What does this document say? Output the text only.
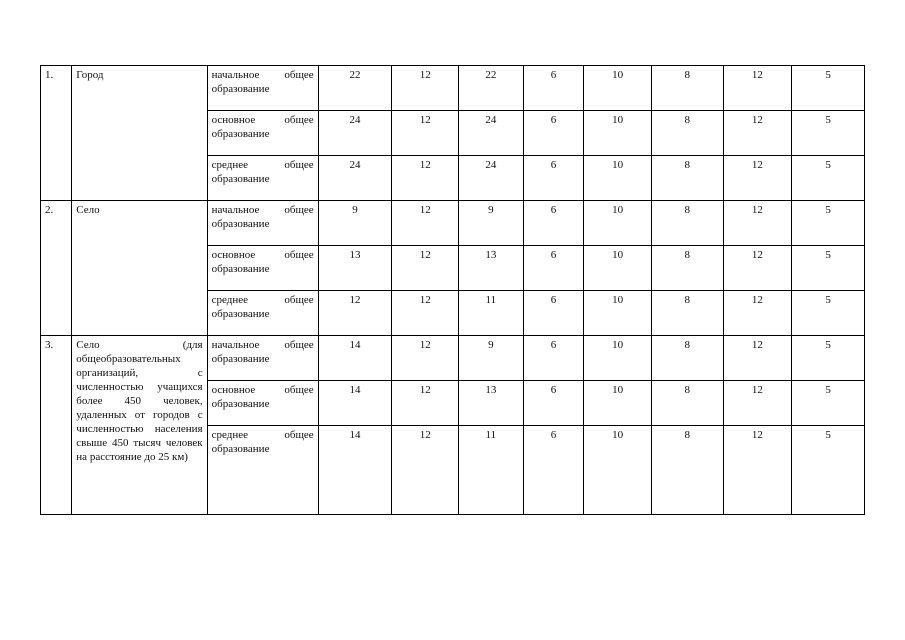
1.	Город	начальное общее образование	22	12	22	6	10	8	12	5
		основное общее образование	24	12	24	6	10	8	12	5
		среднее общее образование	24	12	24	6	10	8	12	5
2.	Село	начальное общее образование	9	12	9	6	10	8	12	5
		основное общее образование	13	12	13	6	10	8	12	5
		среднее общее образование	12	12	11	6	10	8	12	5
3.	Село (для общеобразовательных организаций, с численностью учащихся более 450 человек, удаленных от городов с численностью населения свыше 450 тысяч человек на расстояние до 25 км)	начальное общее образование	14	12	9	6	10	8	12	5
		основное общее образование	14	12	13	6	10	8	12	5
		среднее общее образование	14	12	11	6	10	8	12	5
